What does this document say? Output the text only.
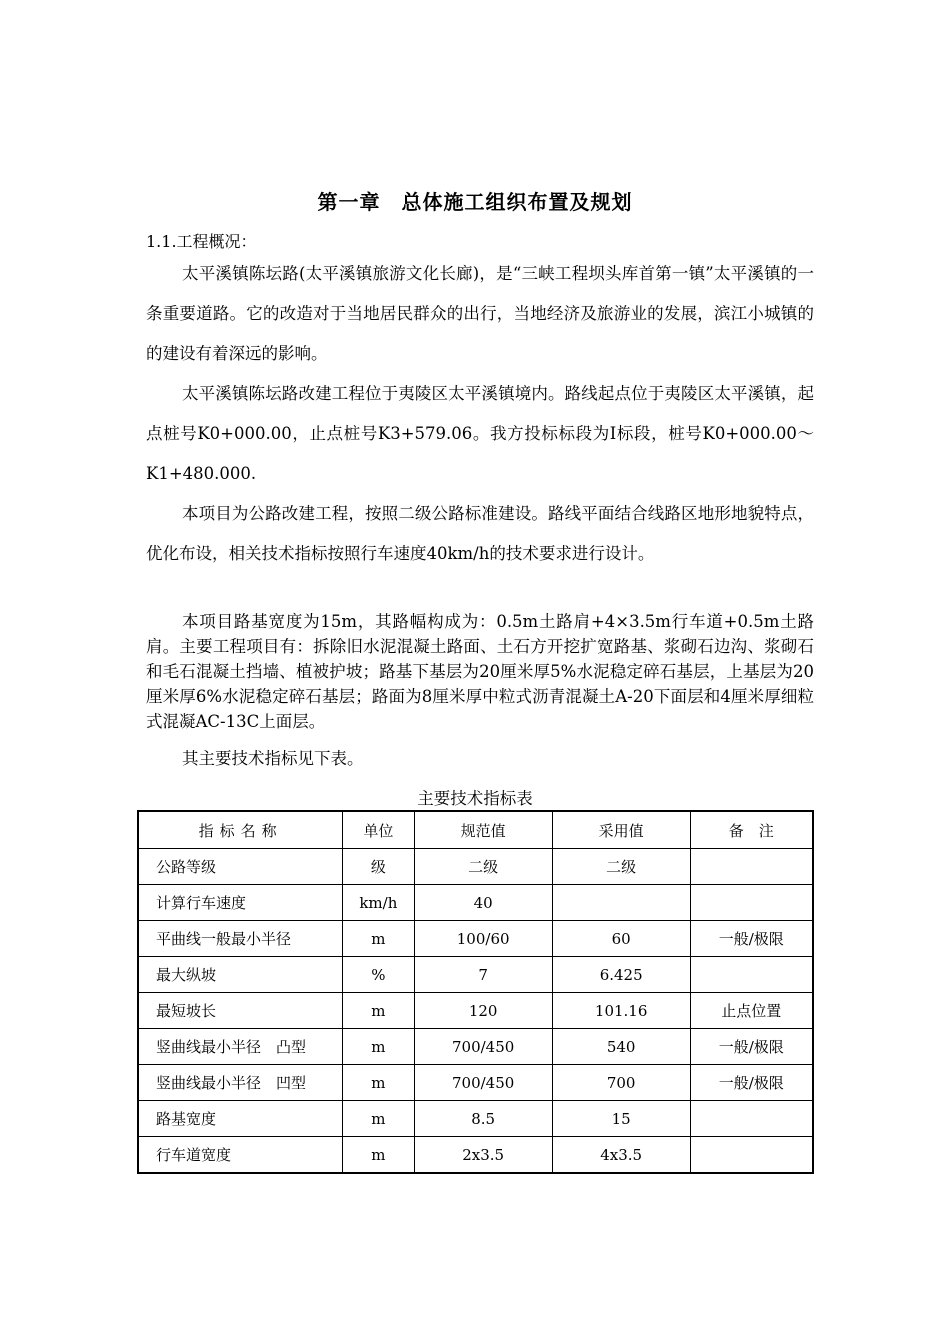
第一章　总体施工组织布置及规划
1.1.工程概况：

太平溪镇陈坛路(太平溪镇旅游文化长廊)，是“三峡工程坝头库首第一镇”太平溪镇的一条重要道路。它的改造对于当地居民群众的出行，当地经济及旅游业的发展，滨江小城镇的的建设有着深远的影响。

太平溪镇陈坛路改建工程位于夷陵区太平溪镇境内。路线起点位于夷陵区太平溪镇，起点桩号K0+000.00，止点桩号K3+579.06。我方投标标段为Ⅰ标段，桩号K0+000.00～K1+480.000.

本项目为公路改建工程，按照二级公路标准建设。路线平面结合线路区地形地貌特点，优化布设，相关技术指标按照行车速度40km/h的技术要求进行设计。

本项目路基宽度为15m，其路幅构成为：0.5m土路肩+4×3.5m行车道+0.5m土路肩。主要工程项目有：拆除旧水泥混凝土路面、土石方开挖扩宽路基、浆砌石边沟、浆砌石和毛石混凝土挡墙、植被护坡；路基下基层为20厘米厚5%水泥稳定碎石基层，上基层为20厘米厚6%水泥稳定碎石基层；路面为8厘米厚中粒式沥青混凝土A-20下面层和4厘米厚细粒式混凝AC-13C上面层。

其主要技术指标见下表。

主要技术指标表
指标名称	单位	规范值	采用值	备　注
公路等级	级	二级	二级	
计算行车速度	km/h	40		
平曲线一般最小半径	m	100/60	60	一般/极限
最大纵坡	%	7	6.425	
最短坡长	m	120	101.16	止点位置
竖曲线最小半径　凸型	m	700/450	540	一般/极限
竖曲线最小半径　凹型	m	700/450	700	一般/极限
路基宽度	m	8.5	15	
行车道宽度	m	2x3.5	4x3.5	
